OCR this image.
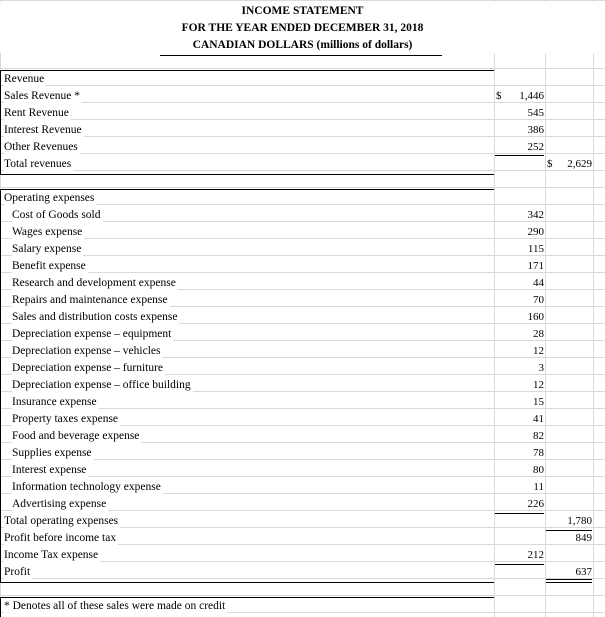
INCOME STATEMENT
FOR THE YEAR ENDED DECEMBER 31, 2018
CANADIAN DOLLARS (millions of dollars)
Revenue
Sales Revenue *	$ 1,446
Rent Revenue	545
Interest Revenue	386
Other Revenues	252
Total revenues	$ 2,629
Operating expenses
Cost of Goods sold	342
Wages expense	290
Salary expense	115
Benefit expense	171
Research and development expense	44
Repairs and maintenance expense	70
Sales and distribution costs expense	160
Depreciation expense – equipment	28
Depreciation expense – vehicles	12
Depreciation expense – furniture	3
Depreciation expense – office building	12
Insurance expense	15
Property taxes expense	41
Food and beverage expense	82
Supplies expense	78
Interest expense	80
Information technology expense	11
Advertising expense	226
Total operating expenses	1,780
Profit before income tax	849
Income Tax expense	212
Profit	637
* Denotes all of these sales were made on credit
